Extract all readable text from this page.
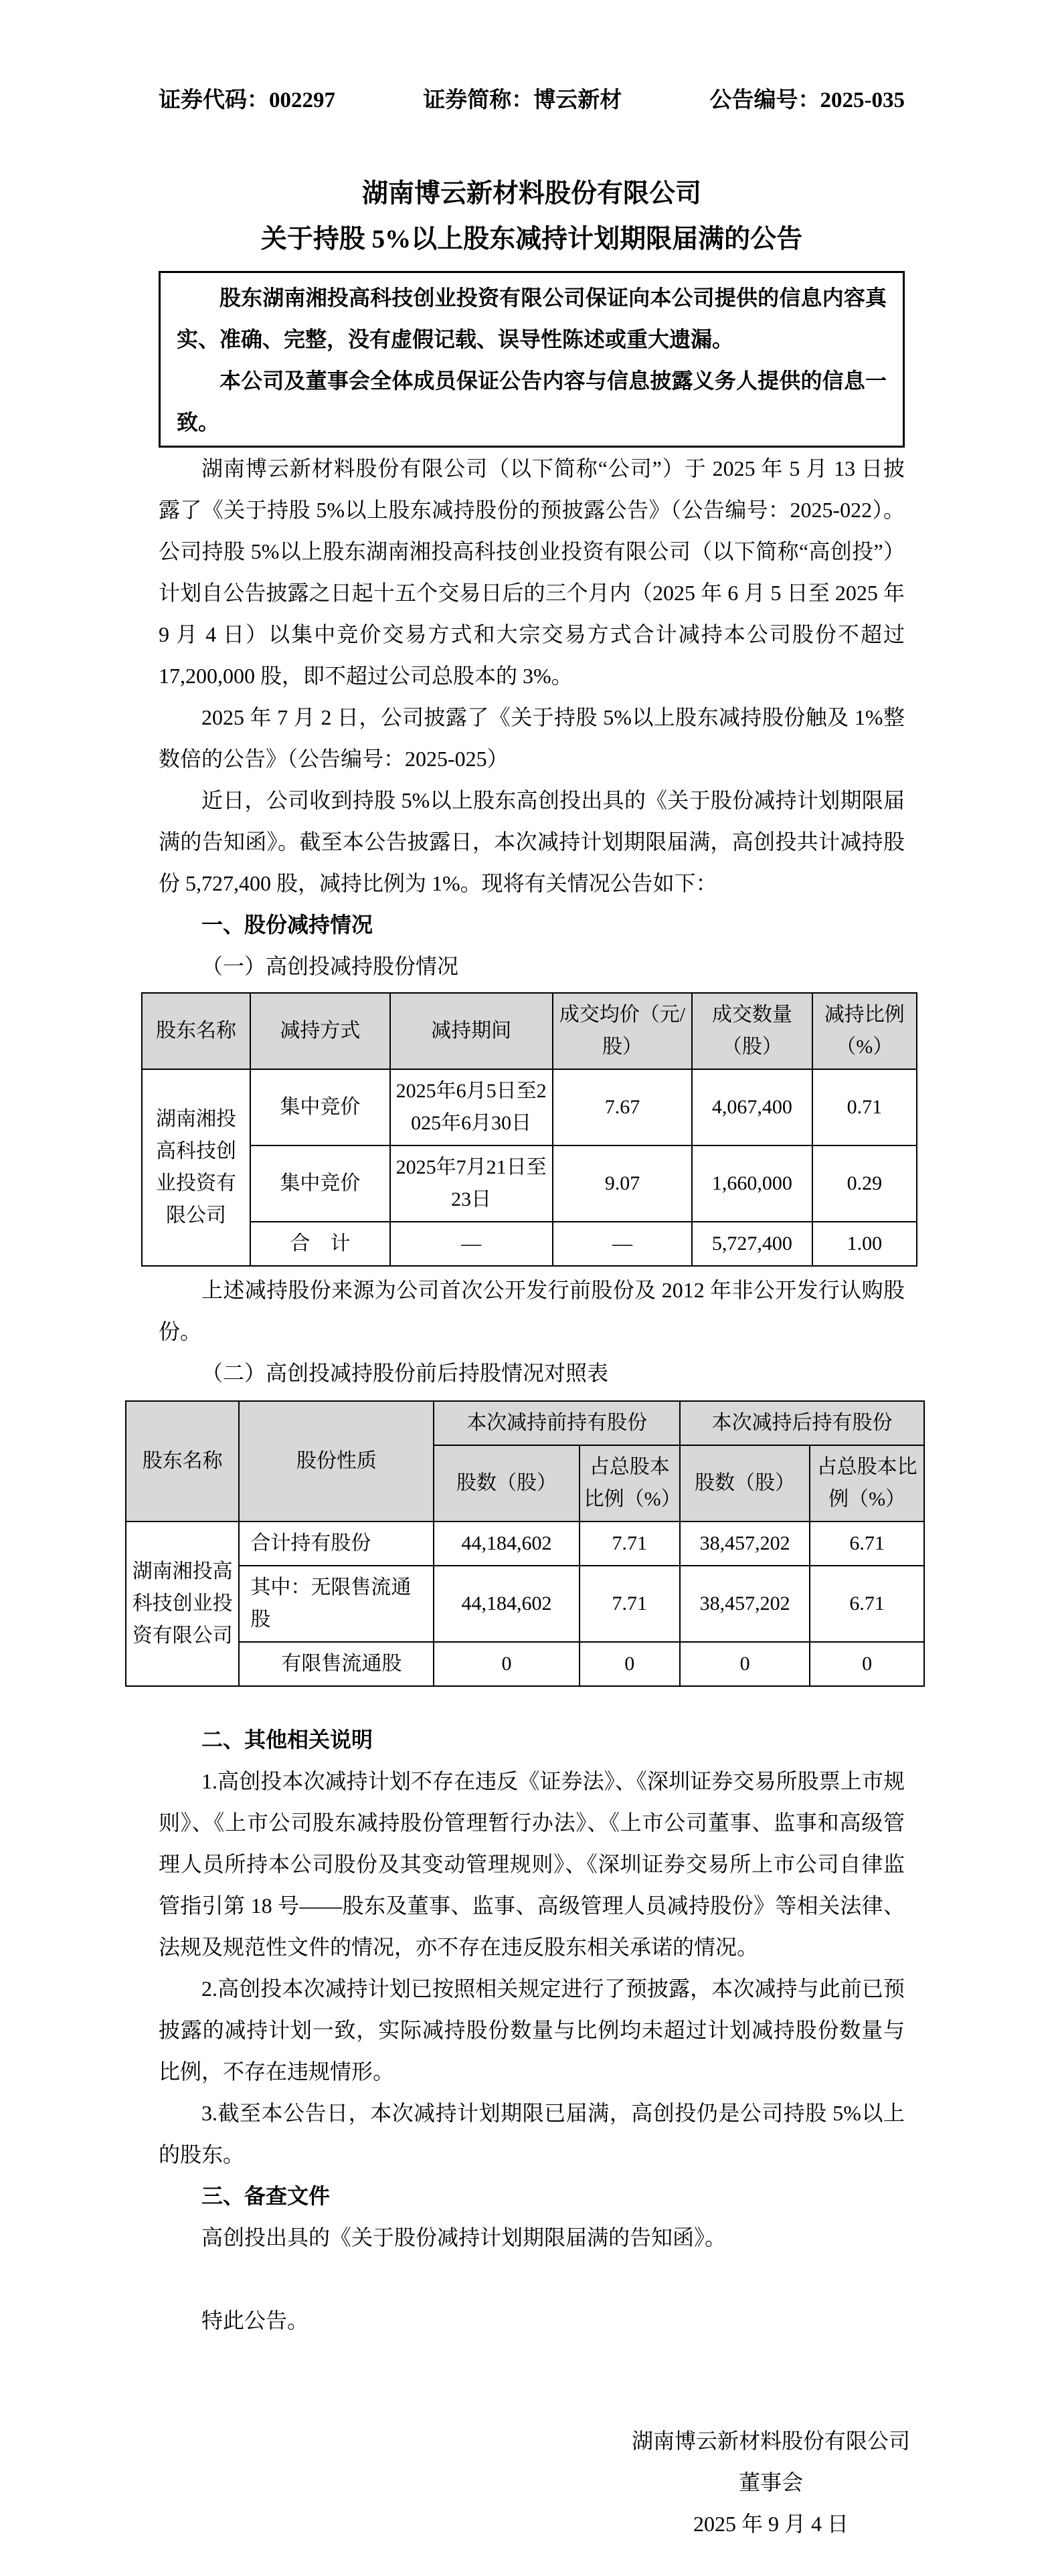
证券代码：002297	证券简称：博云新材	公告编号：2025-035

湖南博云新材料股份有限公司

关于持股 5%以上股东减持计划期限届满的公告

股东湖南湘投高科技创业投资有限公司保证向本公司提供的信息内容真实、准确、完整，没有虚假记载、误导性陈述或重大遗漏。

本公司及董事会全体成员保证公告内容与信息披露义务人提供的信息一致。

湖南博云新材料股份有限公司（以下简称“公司”）于 2025 年 5 月 13 日披露了《关于持股 5%以上股东减持股份的预披露公告》（公告编号：2025-022）。公司持股 5%以上股东湖南湘投高科技创业投资有限公司（以下简称“高创投”）计划自公告披露之日起十五个交易日后的三个月内（2025 年 6 月 5 日至 2025 年 9 月 4 日）以集中竞价交易方式和大宗交易方式合计减持本公司股份不超过 17,200,000 股，即不超过公司总股本的 3%。

2025 年 7 月 2 日，公司披露了《关于持股 5%以上股东减持股份触及 1%整数倍的公告》（公告编号：2025-025）

近日，公司收到持股 5%以上股东高创投出具的《关于股份减持计划期限届满的告知函》。截至本公告披露日，本次减持计划期限届满，高创投共计减持股份 5,727,400 股，减持比例为 1%。现将有关情况公告如下：

一、股份减持情况

（一）高创投减持股份情况

股东名称	减持方式	减持期间	成交均价（元/股）	成交数量（股）	减持比例（%）
湖南湘投高科技创业投资有限公司	集中竞价	2025年6月5日至2025年6月30日	7.67	4,067,400	0.71
	集中竞价	2025年7月21日至23日	9.07	1,660,000	0.29
	合　计	—	—	5,727,400	1.00

上述减持股份来源为公司首次公开发行前股份及 2012 年非公开发行认购股份。

（二）高创投减持股份前后持股情况对照表

股东名称	股份性质	本次减持前持有股份		本次减持后持有股份	
		股数（股）	占总股本比例（%）	股数（股）	占总股本比例（%）
湖南湘投高科技创业投资有限公司	合计持有股份	44,184,602	7.71	38,457,202	6.71
	其中：无限售流通股	44,184,602	7.71	38,457,202	6.71
	有限售流通股	0	0	0	0

二、其他相关说明

1.高创投本次减持计划不存在违反《证券法》、《深圳证券交易所股票上市规则》、《上市公司股东减持股份管理暂行办法》、《上市公司董事、监事和高级管理人员所持本公司股份及其变动管理规则》、《深圳证券交易所上市公司自律监管指引第 18 号——股东及董事、监事、高级管理人员减持股份》等相关法律、法规及规范性文件的情况，亦不存在违反股东相关承诺的情况。

2.高创投本次减持计划已按照相关规定进行了预披露，本次减持与此前已预披露的减持计划一致，实际减持股份数量与比例均未超过计划减持股份数量与比例，不存在违规情形。

3.截至本公告日，本次减持计划期限已届满，高创投仍是公司持股 5%以上的股东。

三、备查文件

高创投出具的《关于股份减持计划期限届满的告知函》。

特此公告。

湖南博云新材料股份有限公司
董事会
2025 年 9 月 4 日
